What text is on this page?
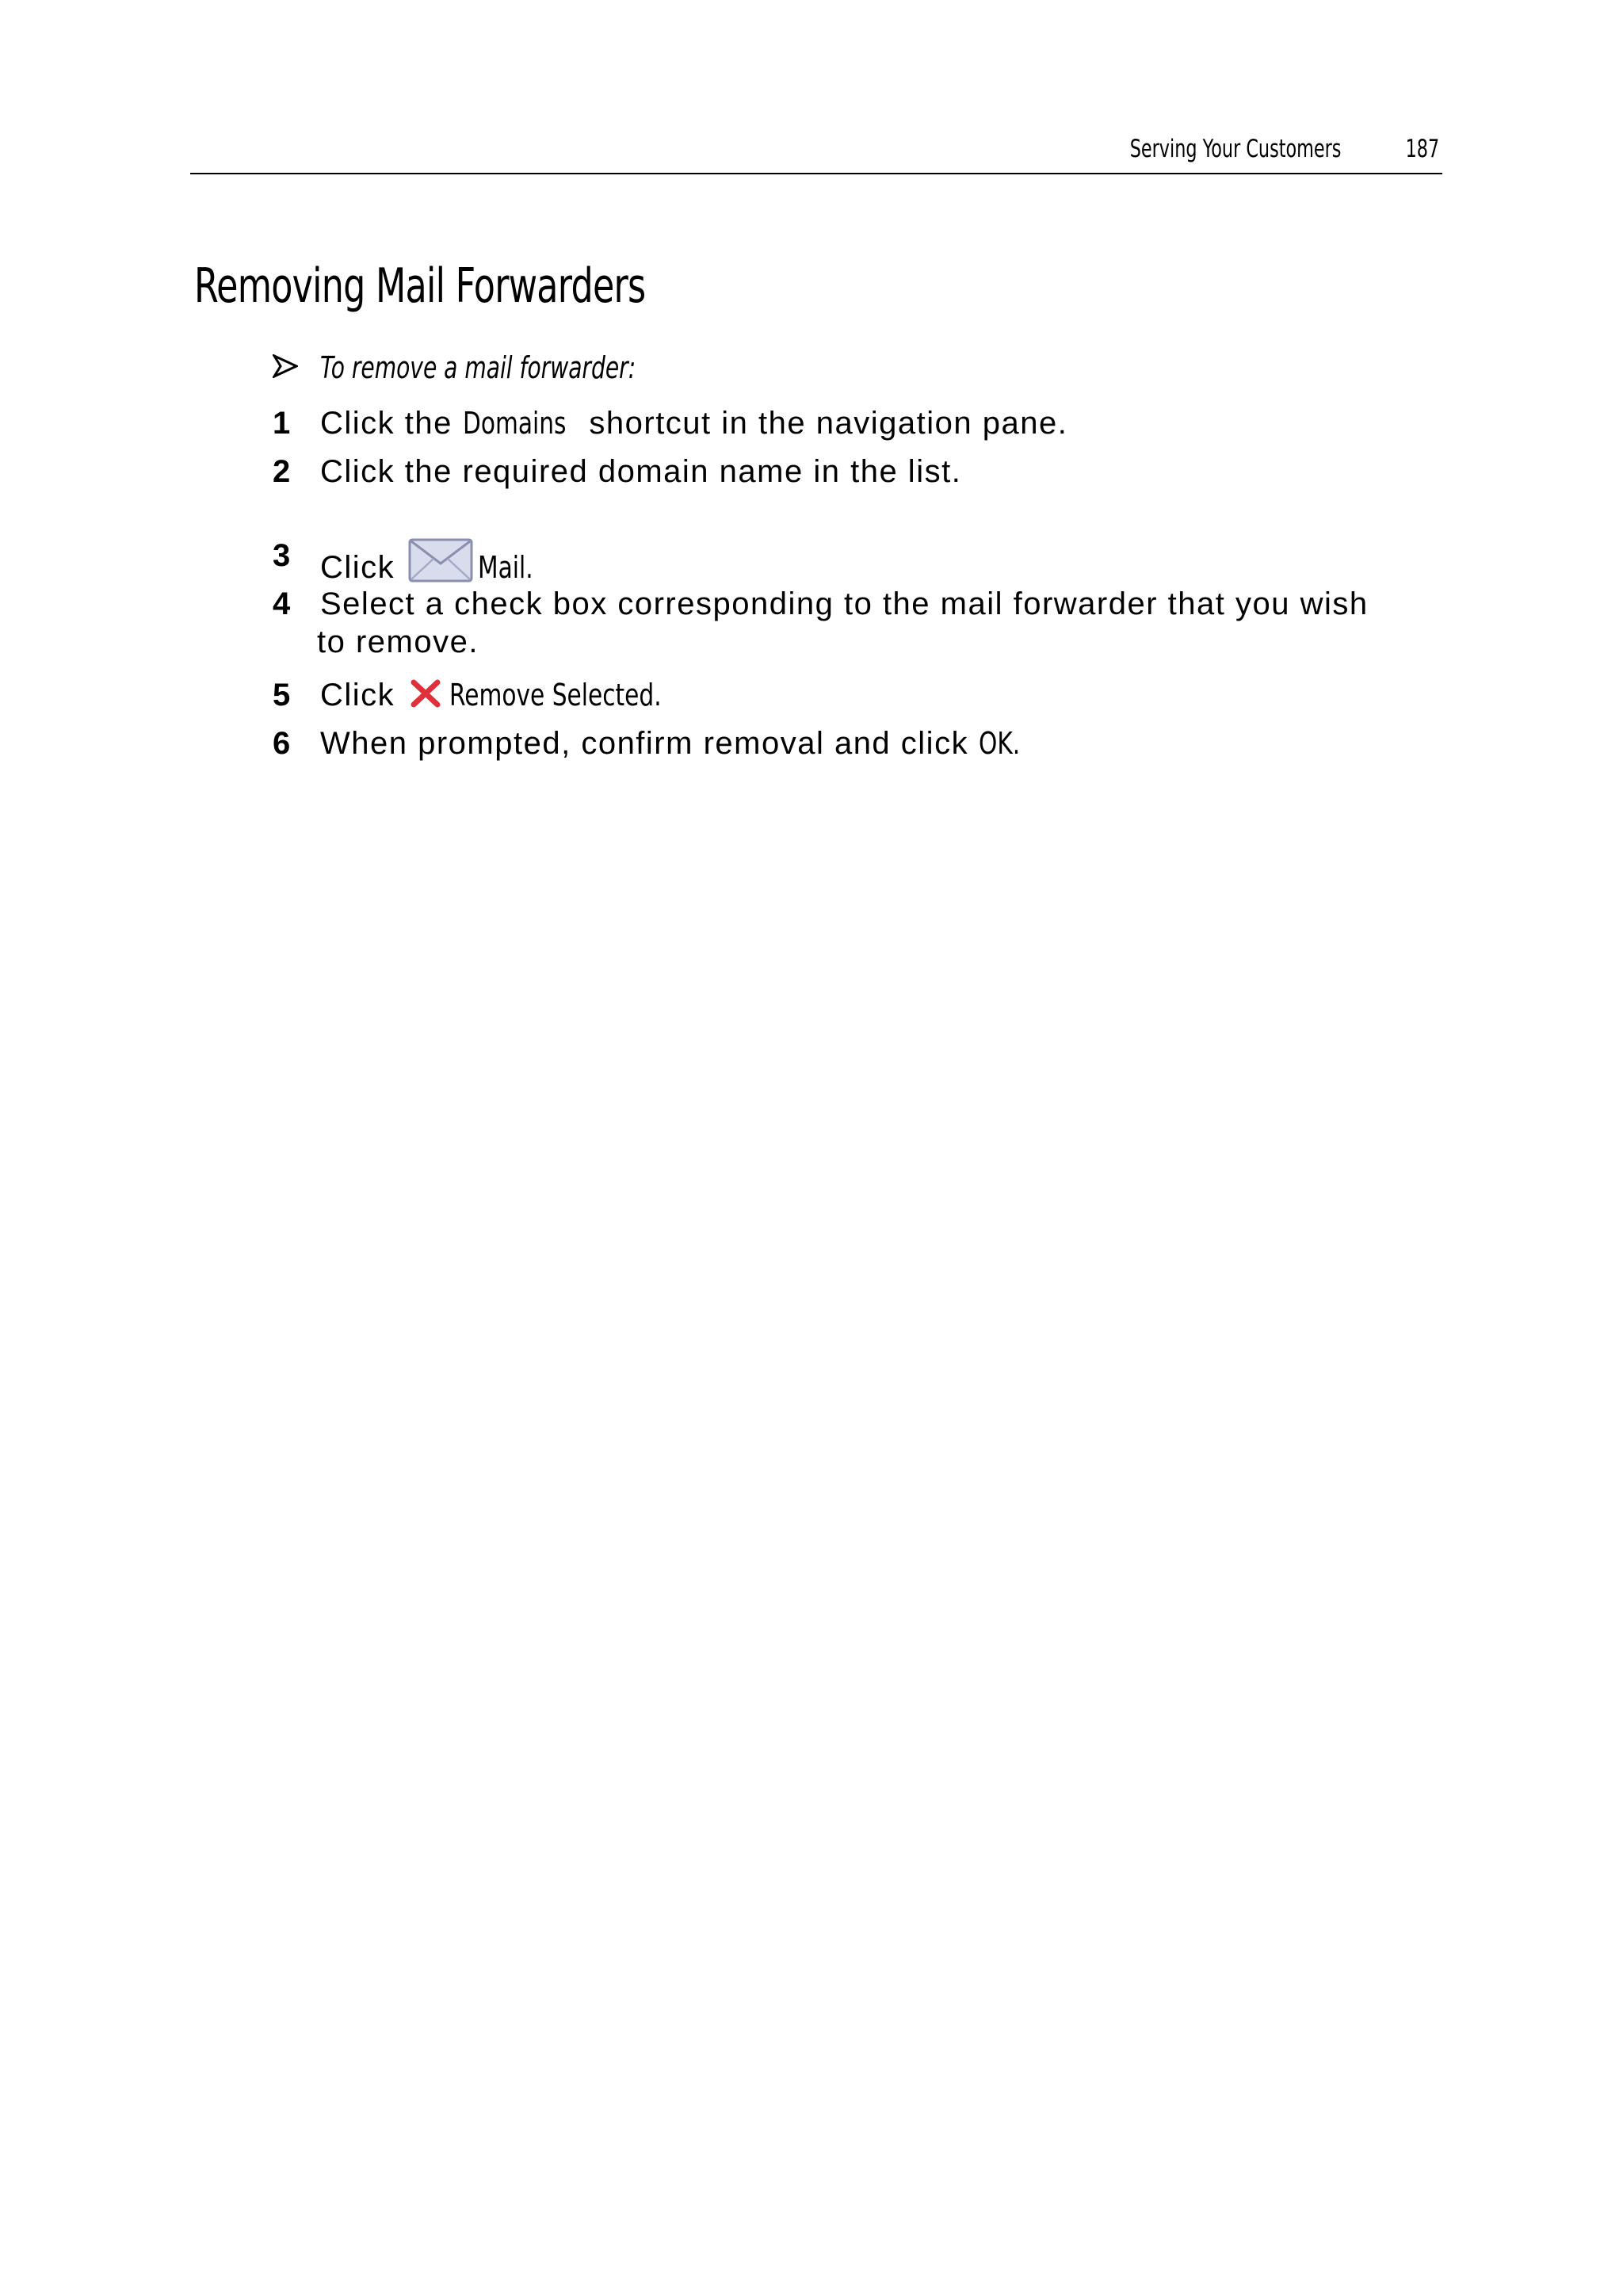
Serving Your Customers	187
Removing Mail Forwarders
To remove a mail forwarder:
1 Click the Domains shortcut in the navigation pane.
2 Click the required domain name in the list.
3 Click Mail.
4 Select a check box corresponding to the mail forwarder that you wish
to remove.
5 Click Remove Selected.
6 When prompted, confirm removal and click OK.
